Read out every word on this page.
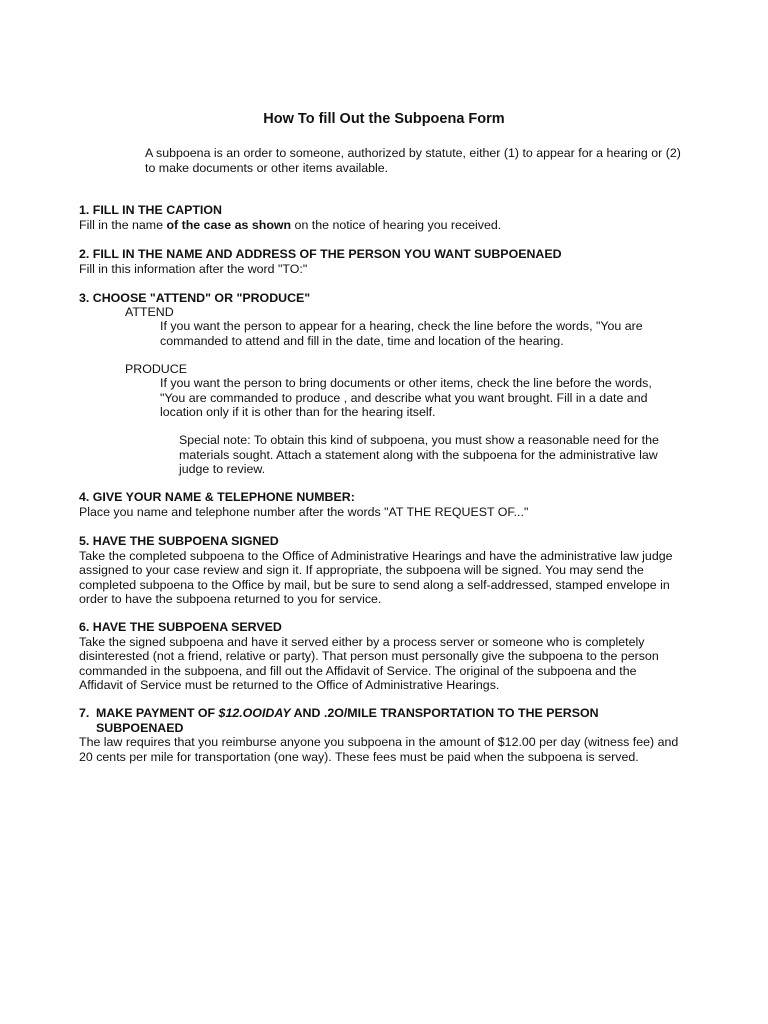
How To fill Out the Subpoena Form
A subpoena is an order to someone, authorized by statute, either (1) to appear for a hearing or (2)
to make documents or other items available.
1. FILL IN THE CAPTION
Fill in the name of the case as shown on the notice of hearing you received.
2. FILL IN THE NAME AND ADDRESS OF THE PERSON YOU WANT SUBPOENAED
Fill in this information after the word "TO:"
3. CHOOSE "ATTEND" OR "PRODUCE"
ATTEND
If you want the person to appear for a hearing, check the line before the words, "You are
commanded to attend and fill in the date, time and location of the hearing.
PRODUCE
If you want the person to bring documents or other items, check the line before the words,
"You are commanded to produce , and describe what you want brought. Fill in a date and
location only if it is other than for the hearing itself.
Special note: To obtain this kind of subpoena, you must show a reasonable need for the
materials sought. Attach a statement along with the subpoena for the administrative law
judge to review.
4. GIVE YOUR NAME & TELEPHONE NUMBER:
Place you name and telephone number after the words "AT THE REQUEST OF..."
5. HAVE THE SUBPOENA SIGNED
Take the completed subpoena to the Office of Administrative Hearings and have the administrative law judge
assigned to your case review and sign it. If appropriate, the subpoena will be signed. You may send the
completed subpoena to the Office by mail, but be sure to send along a self-addressed, stamped envelope in
order to have the subpoena returned to you for service.
6. HAVE THE SUBPOENA SERVED
Take the signed subpoena and have it served either by a process server or someone who is completely
disinterested (not a friend, relative or party). That person must personally give the subpoena to the person
commanded in the subpoena, and fill out the Affidavit of Service. The original of the subpoena and the
Affidavit of Service must be returned to the Office of Administrative Hearings.
7. MAKE PAYMENT OF $12.OOIDAY AND .2O/MILE TRANSPORTATION TO THE PERSON
SUBPOENAED
The law requires that you reimburse anyone you subpoena in the amount of $12.00 per day (witness fee) and
20 cents per mile for transportation (one way). These fees must be paid when the subpoena is served.
